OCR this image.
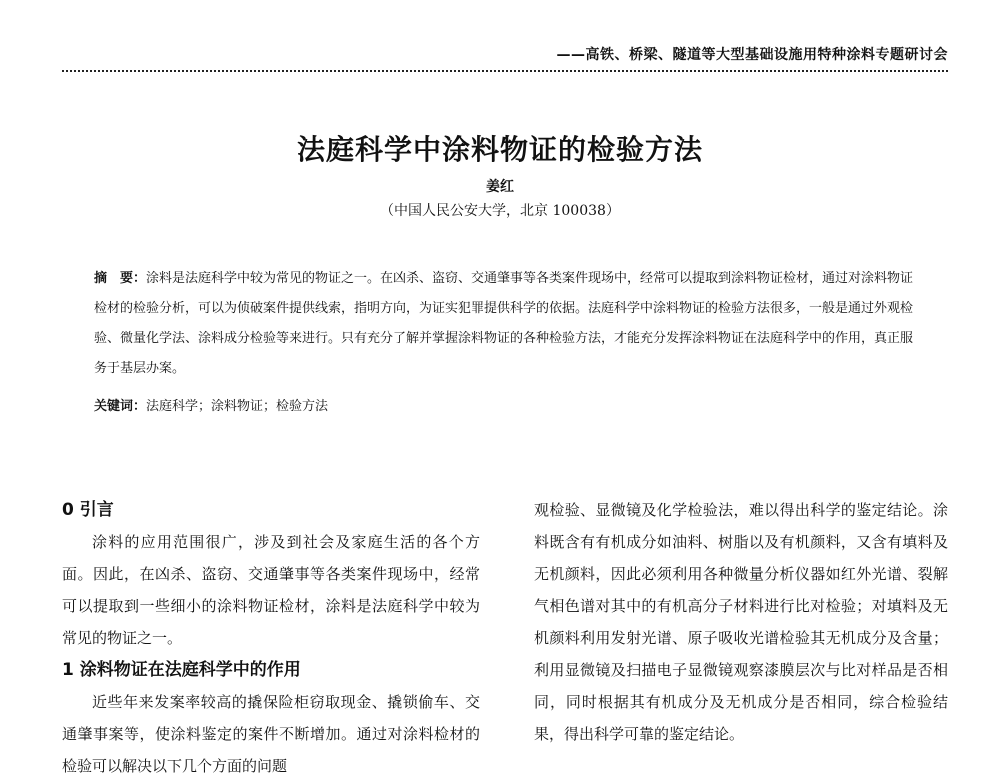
——高铁、桥梁、隧道等大型基础设施用特种涂料专题研讨会
法庭科学中涂料物证的检验方法
姜红
（中国人民公安大学，北京 100038）
摘　要：涂料是法庭科学中较为常见的物证之一。在凶杀、盗窃、交通肇事等各类案件现场中，经常可以提取到涂料物证检材，通过对涂料物证检材的检验分析，可以为侦破案件提供线索，指明方向，为证实犯罪提供科学的依据。法庭科学中涂料物证的检验方法很多，一般是通过外观检验、微量化学法、涂料成分检验等来进行。只有充分了解并掌握涂料物证的各种检验方法，才能充分发挥涂料物证在法庭科学中的作用，真正服务于基层办案。
关键词：法庭科学；涂料物证；检验方法
0 引言

涂料的应用范围很广，涉及到社会及家庭生活的各个方面。因此，在凶杀、盗窃、交通肇事等各类案件现场中，经常可以提取到一些细小的涂料物证检材，涂料是法庭科学中较为常见的物证之一。

1 涂料物证在法庭科学中的作用

近些年来发案率较高的撬保险柜窃取现金、撬锁偷车、交通肇事案等，使涂料鉴定的案件不断增加。通过对涂料检材的检验可以解决以下几个方面的问题

观检验、显微镜及化学检验法，难以得出科学的鉴定结论。涂料既含有有机成分如油料、树脂以及有机颜料，又含有填料及无机颜料，因此必须利用各种微量分析仪器如红外光谱、裂解气相色谱对其中的有机高分子材料进行比对检验；对填料及无机颜料利用发射光谱、原子吸收光谱检验其无机成分及含量；利用显微镜及扫描电子显微镜观察漆膜层次与比对样品是否相同，同时根据其有机成分及无机成分是否相同，综合检验结果，得出科学可靠的鉴定结论。
